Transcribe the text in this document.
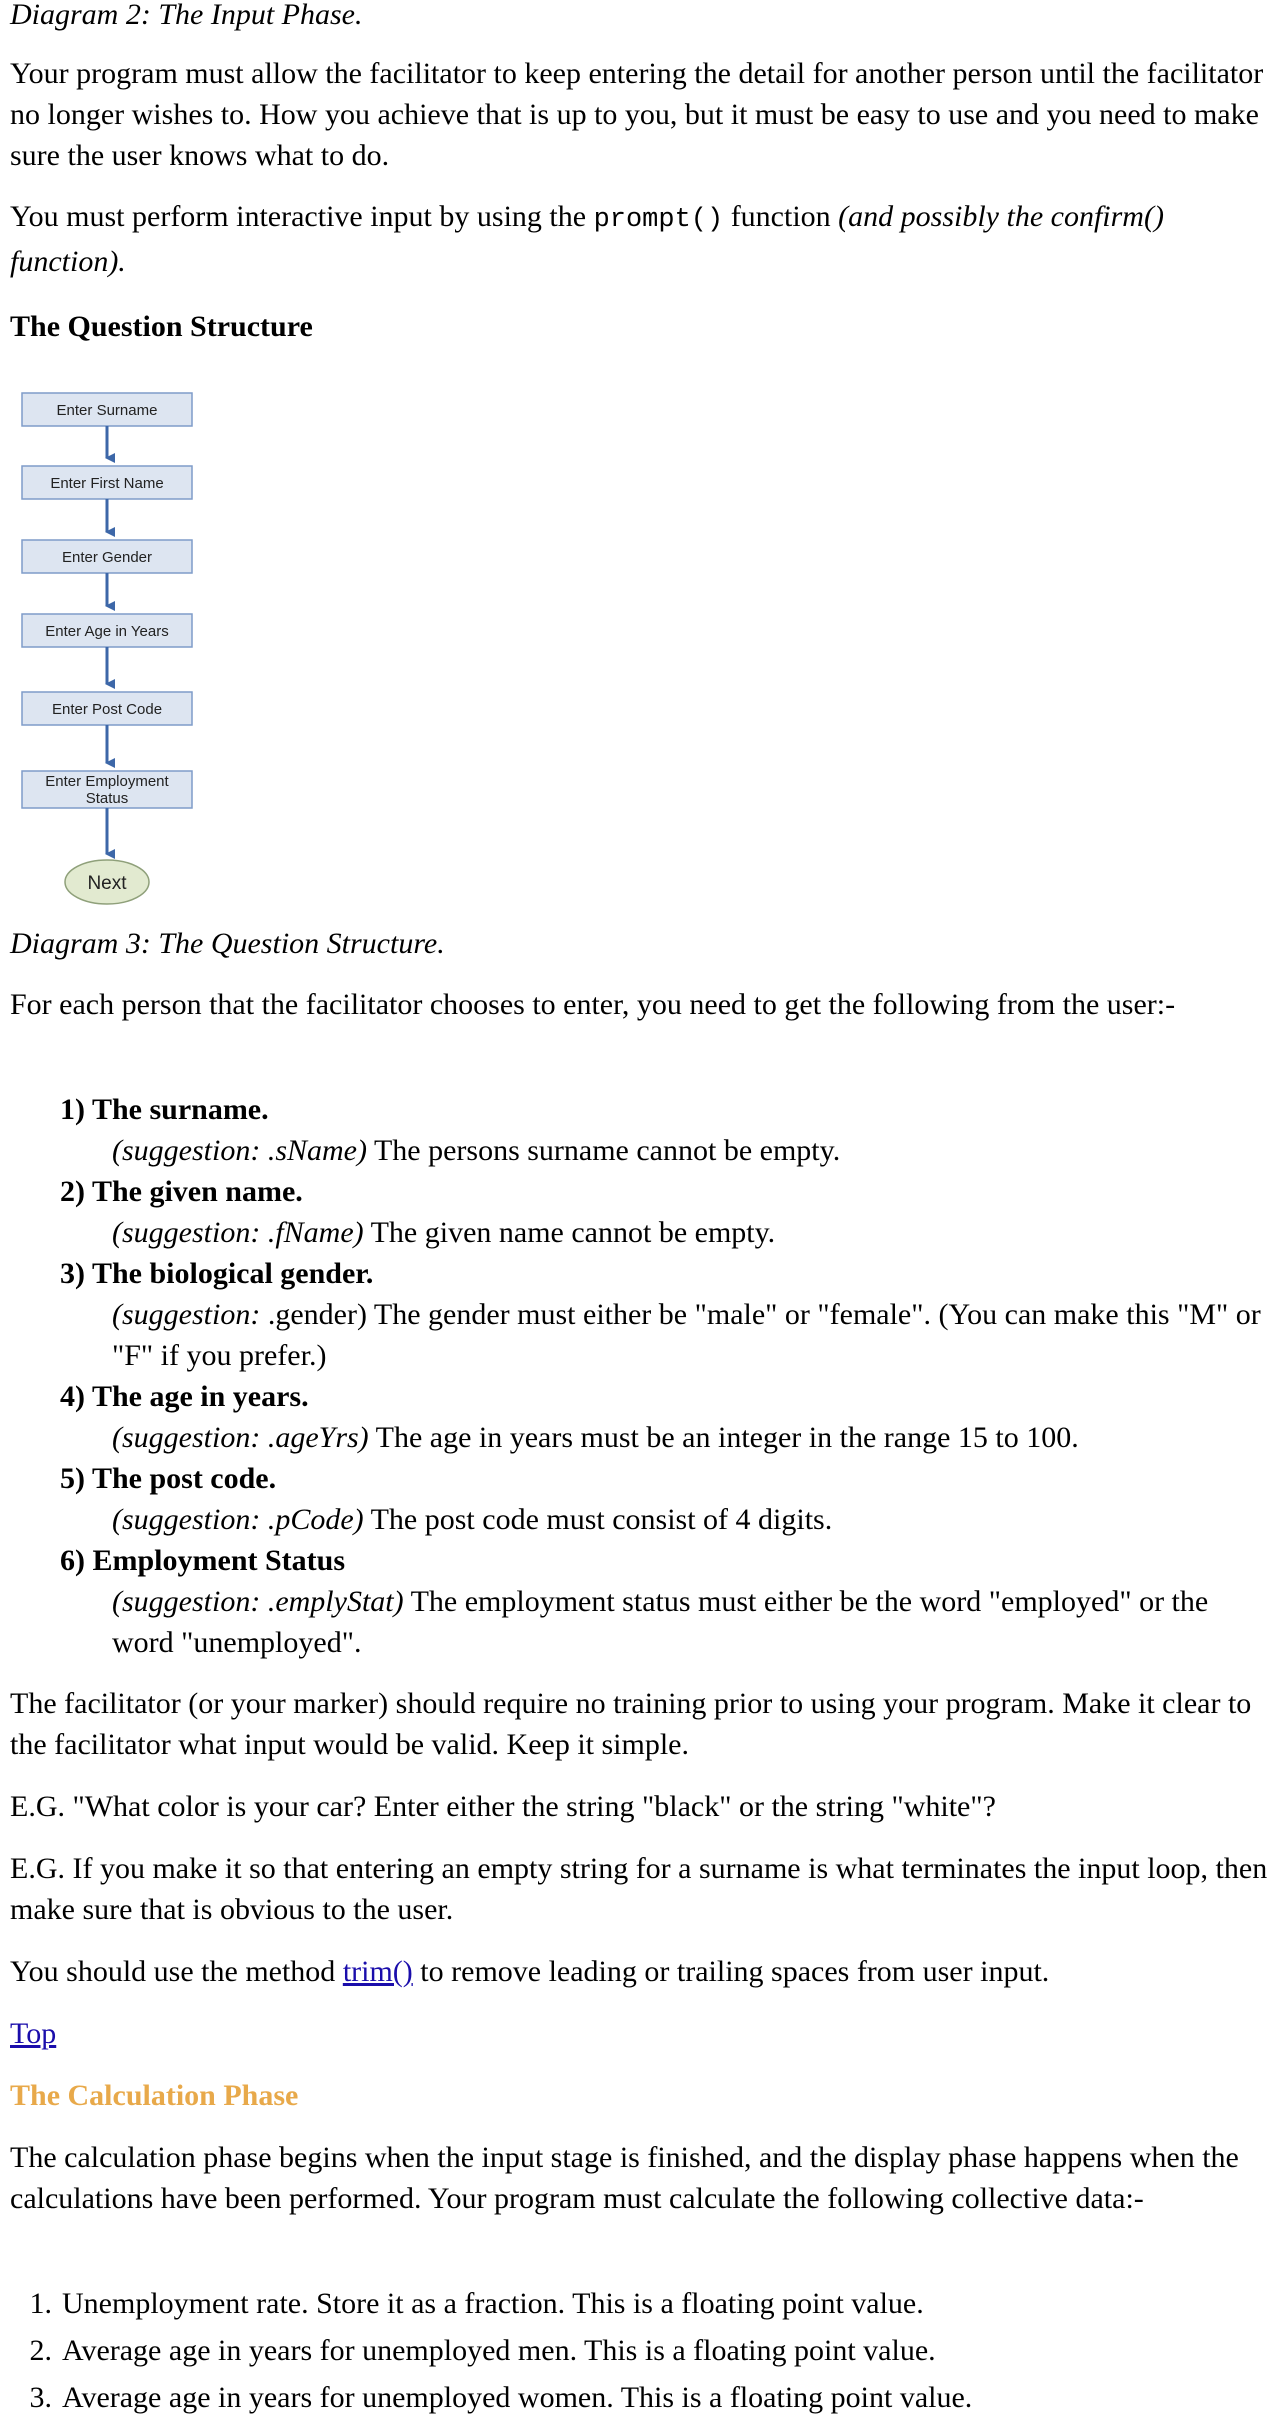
Diagram 2: The Input Phase.

Your program must allow the facilitator to keep entering the detail for another person until the facilitator no longer wishes to. How you achieve that is up to you, but it must be easy to use and you need to make sure the user knows what to do.

You must perform interactive input by using the prompt() function (and possibly the confirm() function).

The Question Structure

Enter Surname
Enter First Name
Enter Gender
Enter Age in Years
Enter Post Code
Enter Employment
Status
Next

Diagram 3: The Question Structure.

For each person that the facilitator chooses to enter, you need to get the following from the user:-

1) The surname.
(suggestion: .sName) The persons surname cannot be empty.
2) The given name.
(suggestion: .fName) The given name cannot be empty.
3) The biological gender.
(suggestion: .gender) The gender must either be "male" or "female". (You can make this "M" or "F" if you prefer.)
4) The age in years.
(suggestion: .ageYrs) The age in years must be an integer in the range 15 to 100.
5) The post code.
(suggestion: .pCode) The post code must consist of 4 digits.
6) Employment Status
(suggestion: .emplyStat) The employment status must either be the word "employed" or the word "unemployed".

The facilitator (or your marker) should require no training prior to using your program. Make it clear to the facilitator what input would be valid. Keep it simple.

E.G. "What color is your car? Enter either the string "black" or the string "white"?

E.G. If you make it so that entering an empty string for a surname is what terminates the input loop, then make sure that is obvious to the user.

You should use the method trim() to remove leading or trailing spaces from user input.

Top

The Calculation Phase

The calculation phase begins when the input stage is finished, and the display phase happens when the calculations have been performed. Your program must calculate the following collective data:-

1. Unemployment rate. Store it as a fraction. This is a floating point value.
2. Average age in years for unemployed men. This is a floating point value.
3. Average age in years for unemployed women. This is a floating point value.
